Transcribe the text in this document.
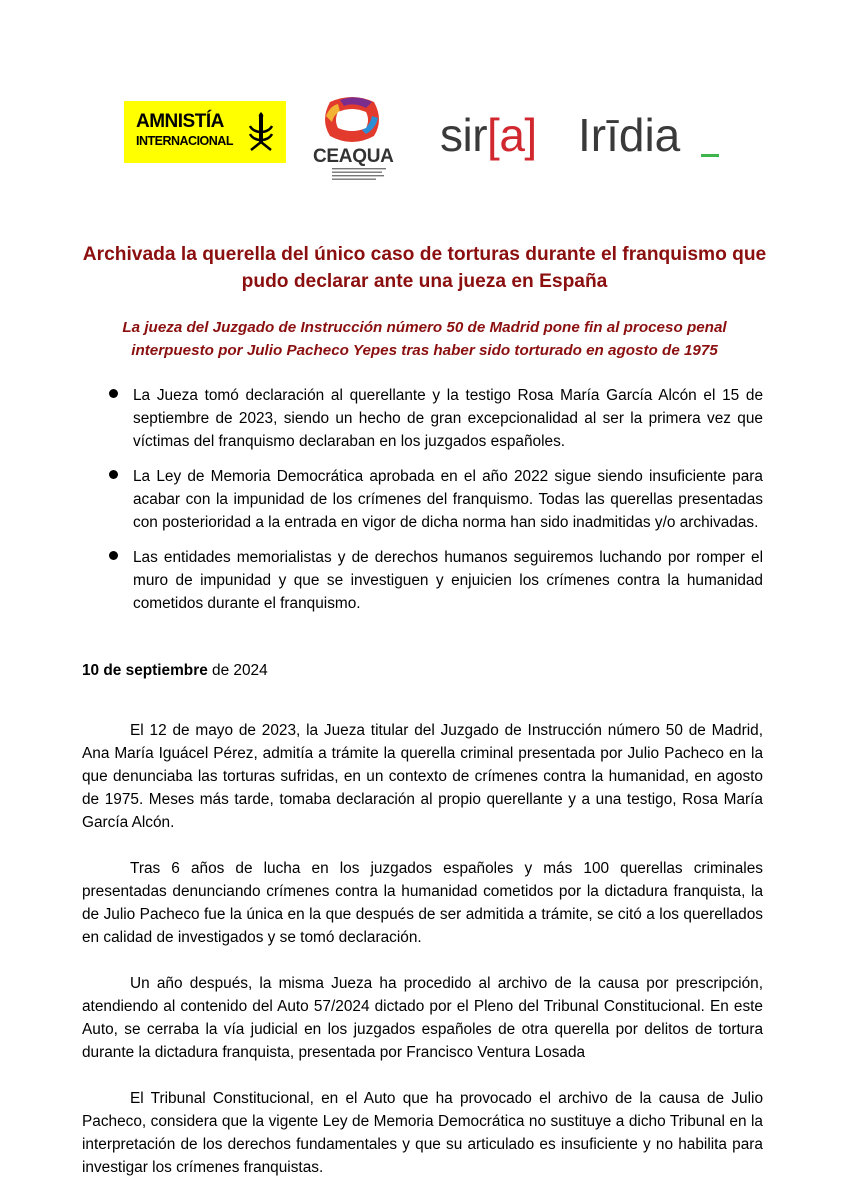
AMNISTÍA
INTERNACIONAL
CEAQUA sir[a] Irīdia
Archivada la querella del único caso de torturas durante el franquismo que pudo declarar ante una jueza en España
La jueza del Juzgado de Instrucción número 50 de Madrid pone fin al proceso penal interpuesto por Julio Pacheco Yepes tras haber sido torturado en agosto de 1975
La Jueza tomó declaración al querellante y la testigo Rosa María García Alcón el 15 de septiembre de 2023, siendo un hecho de gran excepcionalidad al ser la primera vez que víctimas del franquismo declaraban en los juzgados españoles.
La Ley de Memoria Democrática aprobada en el año 2022 sigue siendo insuficiente para acabar con la impunidad de los crímenes del franquismo. Todas las querellas presentadas con posterioridad a la entrada en vigor de dicha norma han sido inadmitidas y/o archivadas.
Las entidades memorialistas y de derechos humanos seguiremos luchando por romper el muro de impunidad y que se investiguen y enjuicien los crímenes contra la humanidad cometidos durante el franquismo.
10 de septiembre de 2024

El 12 de mayo de 2023, la Jueza titular del Juzgado de Instrucción número 50 de Madrid, Ana María Iguácel Pérez, admitía a trámite la querella criminal presentada por Julio Pacheco en la que denunciaba las torturas sufridas, en un contexto de crímenes contra la humanidad, en agosto de 1975. Meses más tarde, tomaba declaración al propio querellante y a una testigo, Rosa María García Alcón.

Tras 6 años de lucha en los juzgados españoles y más 100 querellas criminales presentadas denunciando crímenes contra la humanidad cometidos por la dictadura franquista, la de Julio Pacheco fue la única en la que después de ser admitida a trámite, se citó a los querellados en calidad de investigados y se tomó declaración.

Un año después, la misma Jueza ha procedido al archivo de la causa por prescripción, atendiendo al contenido del Auto 57/2024 dictado por el Pleno del Tribunal Constitucional. En este Auto, se cerraba la vía judicial en los juzgados españoles de otra querella por delitos de tortura durante la dictadura franquista, presentada por Francisco Ventura Losada

El Tribunal Constitucional, en el Auto que ha provocado el archivo de la causa de Julio Pacheco, considera que la vigente Ley de Memoria Democrática no sustituye a dicho Tribunal en la interpretación de los derechos fundamentales y que su articulado es insuficiente y no habilita para investigar los crímenes franquistas.
